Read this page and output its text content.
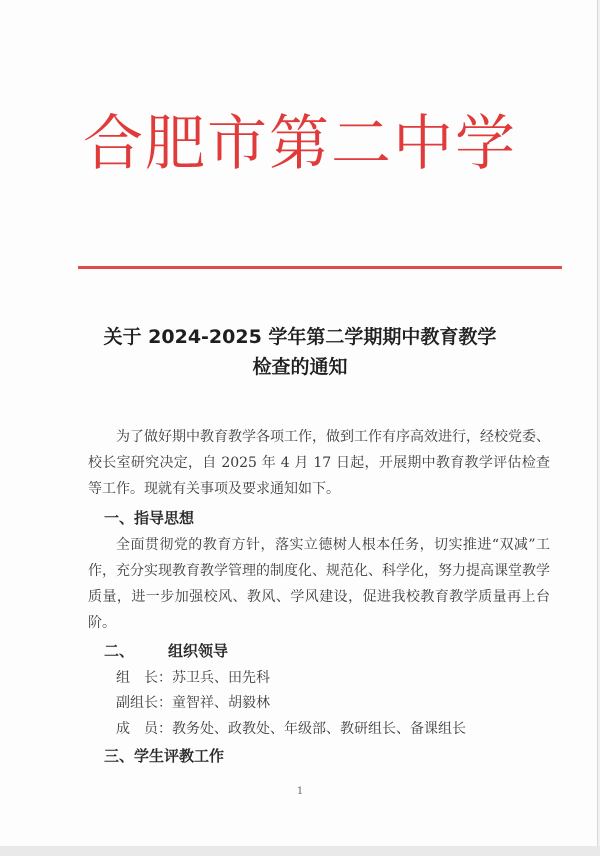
合肥市第二中学
关于 2024-2025 学年第二学期期中教育教学
检查的通知
为了做好期中教育教学各项工作，做到工作有序高效进行，经校党委、校长室研究决定，自 2025 年 4 月 17 日起，开展期中教育教学评估检查等工作。现就有关事项及要求通知如下。
一、指导思想
全面贯彻党的教育方针，落实立德树人根本任务，切实推进“双减”工作，充分实现教育教学管理的制度化、规范化、科学化，努力提高课堂教学质量，进一步加强校风、教风、学风建设，促进我校教育教学质量再上台阶。
二、 组织领导
组　长：苏卫兵、田先科
副组长：童智祥、胡毅林
成　员：教务处、政教处、年级部、教研组长、备课组长
三、学生评教工作
1
